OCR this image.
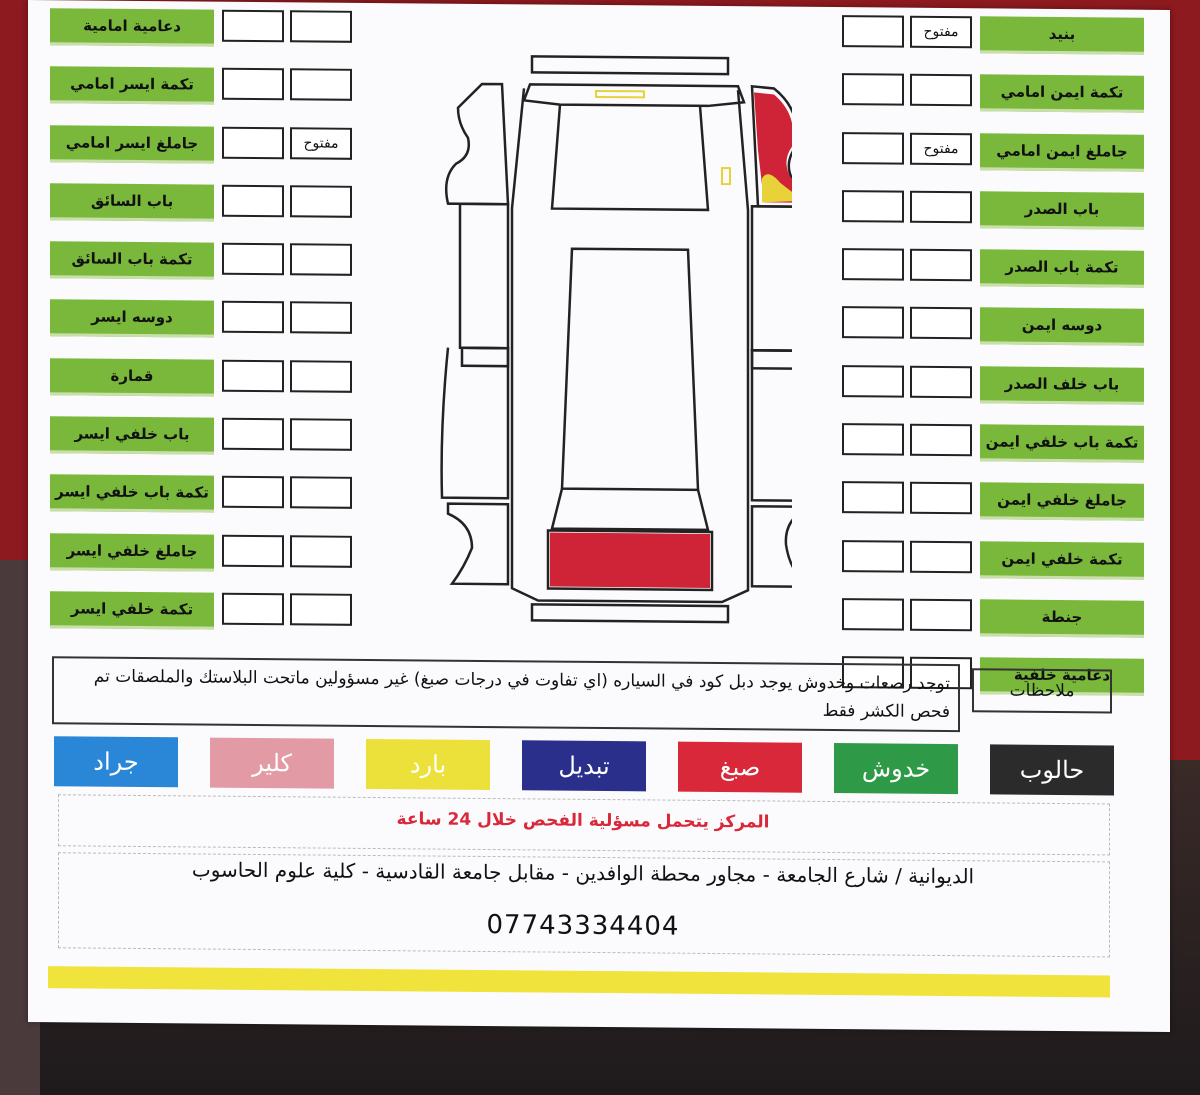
بنيد
مفتوح
تكمة ايمن امامي
جاملغ ايمن امامي
مفتوح
باب الصدر
تكمة باب الصدر
دوسه ايمن
باب خلف الصدر
تكمة باب خلفي ايمن
جاملغ خلفي ايمن
تكمة خلفي ايمن
جنطة
دعامية خلفية
دعامية امامية
تكمة ايسر امامي
جاملغ ايسر امامي	مفتوح
باب السائق
تكمة باب السائق
دوسه ايسر
قمارة
باب خلفي ايسر
تكمة باب خلفي ايسر
جاملغ خلفي ايسر
تكمة خلفي ايسر
ملاحظات
توجد رصعات وخدوش يوجد دبل كود في السياره (اي تفاوت في درجات صبغ) غير مسؤولين ماتحت البلاستك والملصقات تم فحص الكشر فقط
حالوب
خدوش
صبغ
تبديل
بارد
كلير
جراد
المركز يتحمل مسؤلية الفحص خلال 24 ساعة
الديوانية / شارع الجامعة - مجاور محطة الوافدين - مقابل جامعة القادسية - كلية علوم الحاسوب
07743334404
